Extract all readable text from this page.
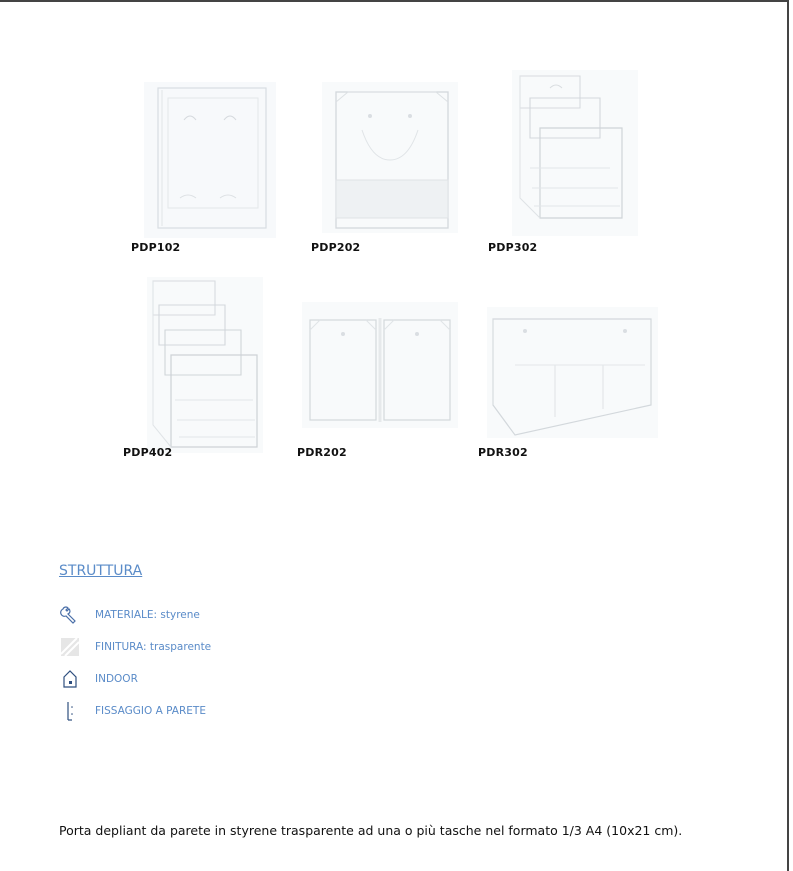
PDP102	PDP202	PDP302
PDP402	PDR202	PDR302
STRUTTURA
MATERIALE: styrene
FINITURA: trasparente
INDOOR
FISSAGGIO A PARETE
Porta depliant da parete in styrene trasparente ad una o più tasche nel formato 1/3 A4 (10x21 cm).
